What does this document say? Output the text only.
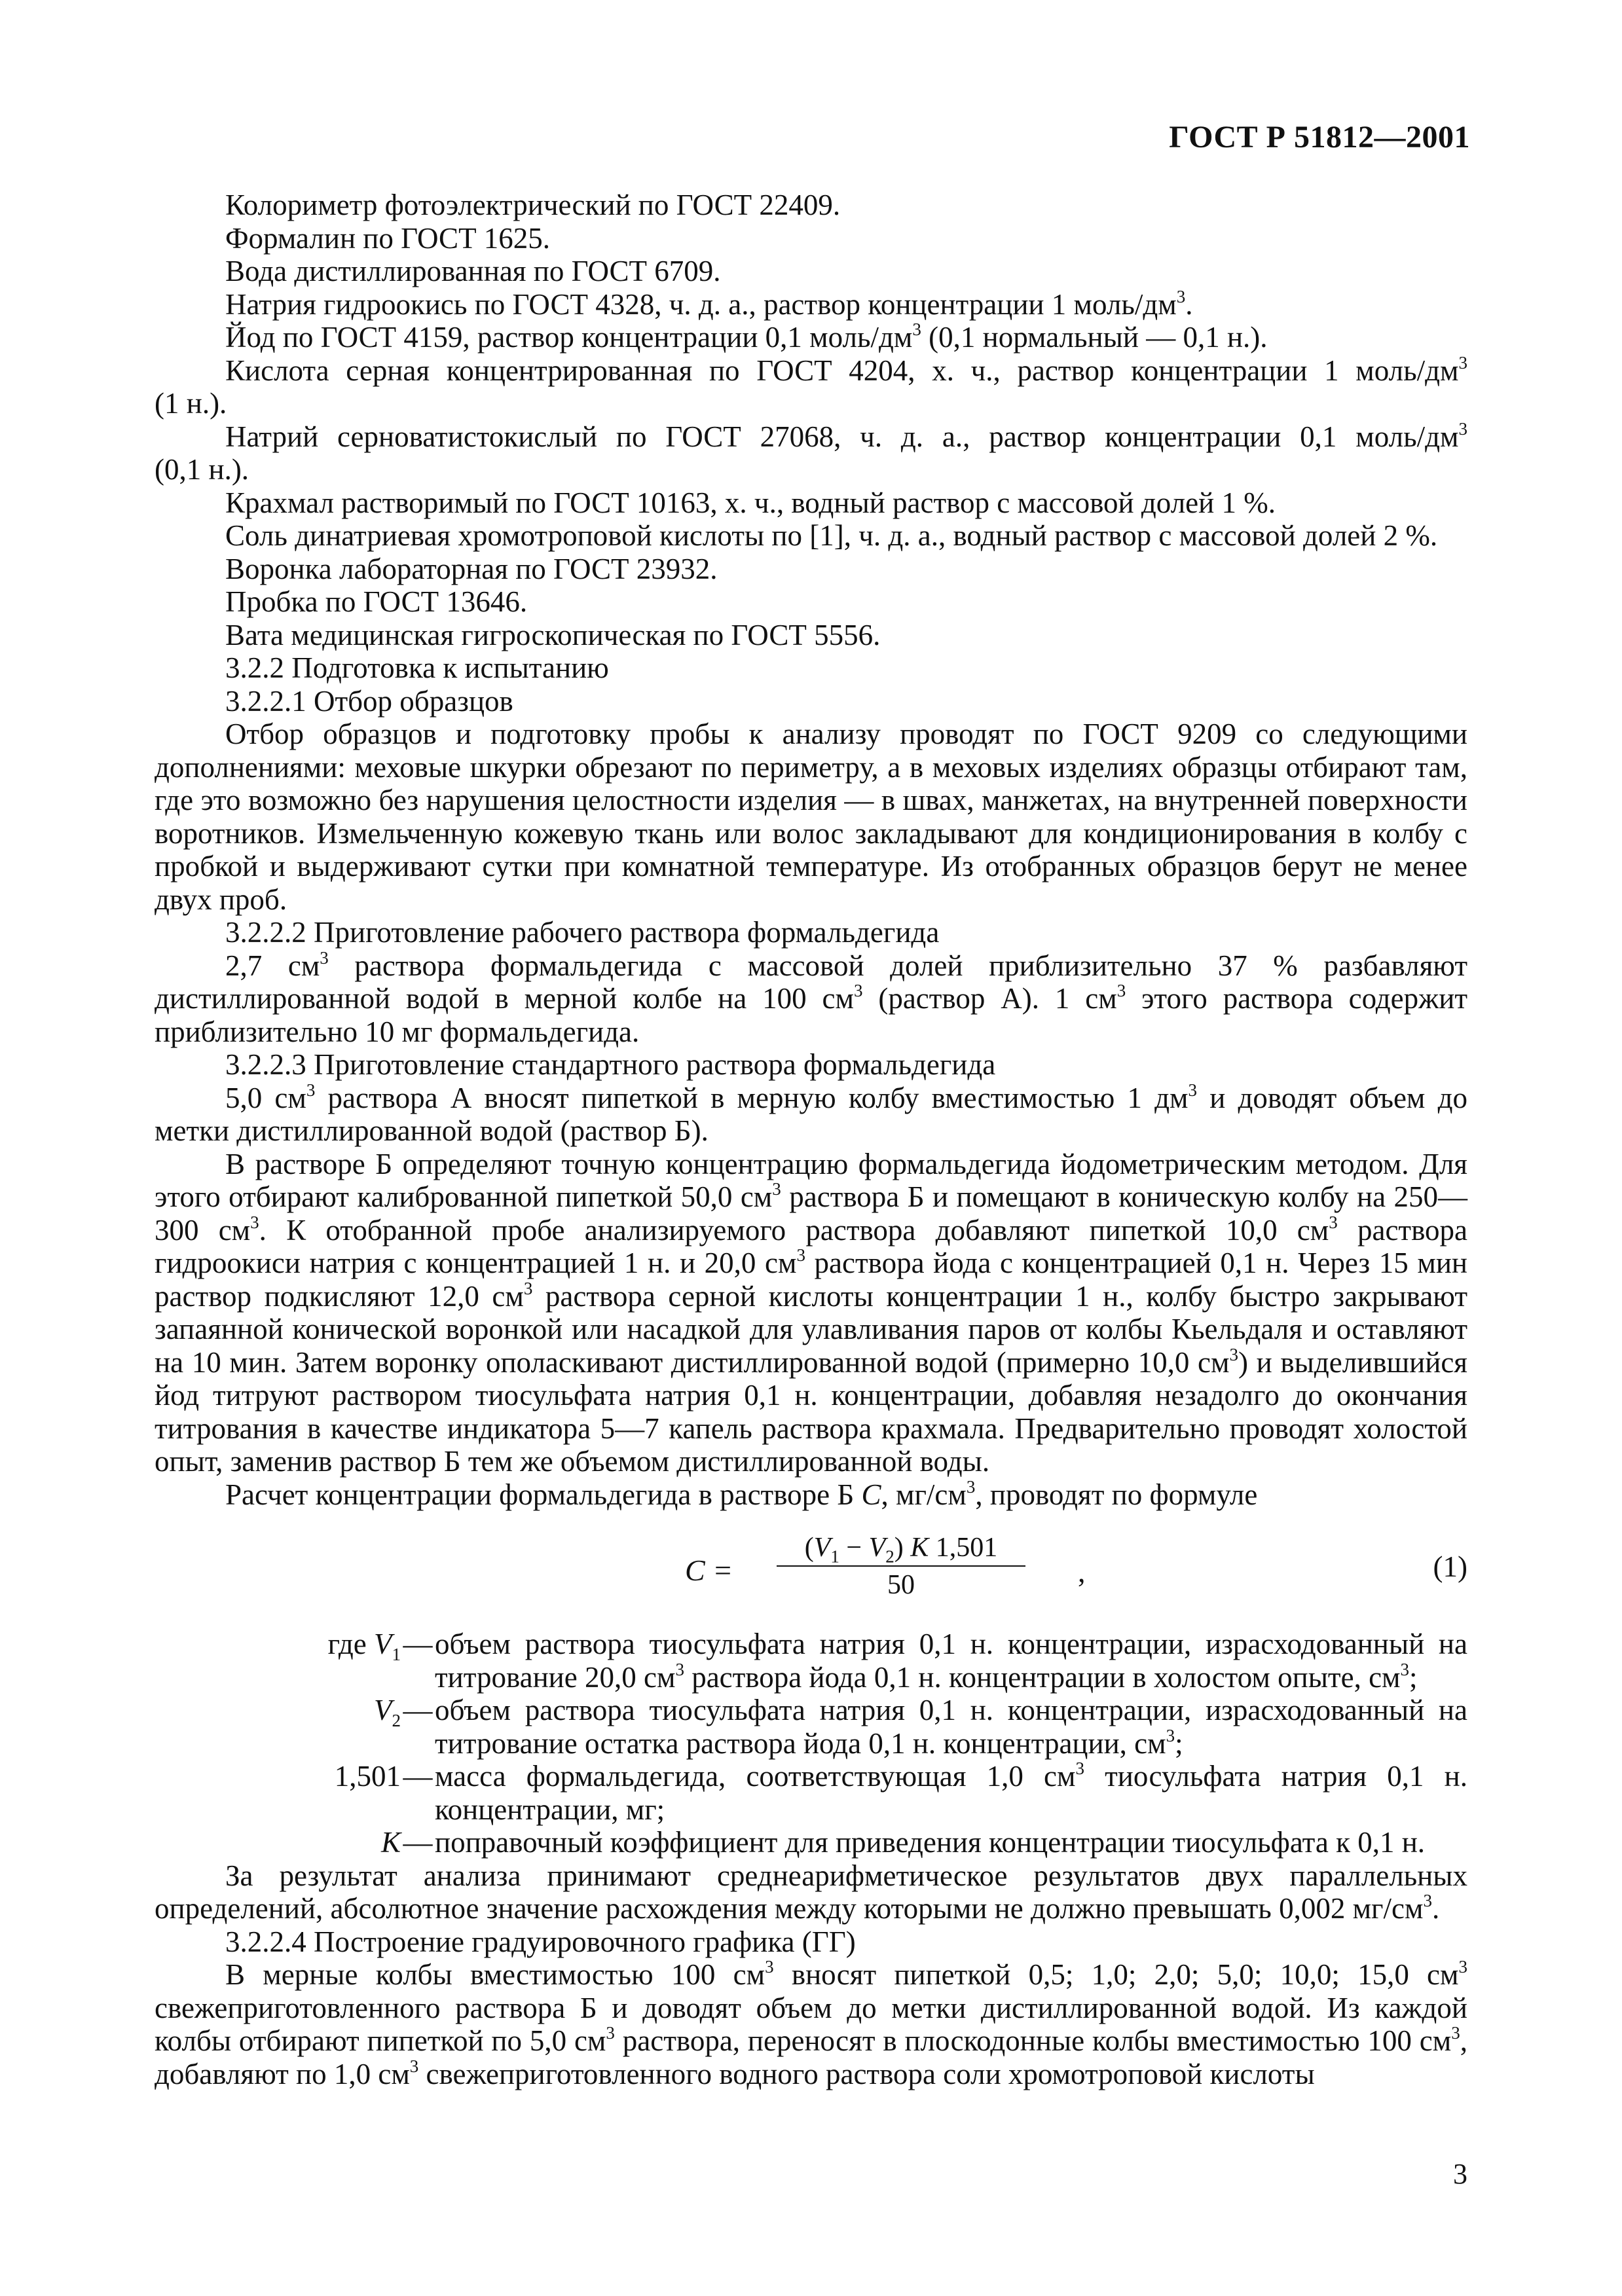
ГОСТ Р 51812—2001
Колориметр фотоэлектрический по ГОСТ 22409.
Формалин по ГОСТ 1625.
Вода дистиллированная по ГОСТ 6709.
Натрия гидроокись по ГОСТ 4328, ч. д. а., раствор концентрации 1 моль/$дм^3$.
Йод по ГОСТ 4159, раствор концентрации 0,1 моль/$дм^3$ (0,1 нормальный — 0,1 н.).
Кислота серная концентрированная по ГОСТ 4204, х. ч., раствор концентрации 1 моль/$дм^3$
(1 н.).
Натрий серноватистокислый по ГОСТ 27068, ч. д. а., раствор концентрации 0,1 моль/$дм^3$
(0,1 н.).
Крахмал растворимый по ГОСТ 10163, х. ч., водный раствор с массовой долей 1 %.
Соль динатриевая хромотроповой кислоты по [1], ч. д. а., водный раствор с массовой долей 2 %.
Воронка лабораторная по ГОСТ 23932.
Пробка по ГОСТ 13646.
Вата медицинская гигроскопическая по ГОСТ 5556.
3.2.2 Подготовка к испытанию
3.2.2.1 Отбор образцов

Отбор образцов и подготовку пробы к анализу проводят по ГОСТ 9209 со следующими дополнениями: меховые шкурки обрезают по периметру, а в меховых изделиях образцы отбирают там, где это возможно без нарушения целостности изделия — в швах, манжетах, на внутренней поверхности воротников. Измельченную кожевую ткань или волос закладывают для кондиционирования в колбу с пробкой и выдерживают сутки при комнатной температуре. Из отобранных образцов берут не менее двух проб.

3.2.2.2 Приготовление рабочего раствора формальдегида

2,7 $см^3$ раствора формальдегида с массовой долей приблизительно 37 % разбавляют дистиллированной водой в мерной колбе на 100 $см^3$ (раствор А). 1 $см^3$ этого раствора содержит приблизительно 10 мг формальдегида.

3.2.2.3 Приготовление стандартного раствора формальдегида

5,0 $см^3$ раствора А вносят пипеткой в мерную колбу вместимостью 1 $дм^3$ и доводят объем до метки дистиллированной водой (раствор Б).

В растворе Б определяют точную концентрацию формальдегида йодометрическим методом. Для этого отбирают калиброванной пипеткой 50,0 $см^3$ раствора Б и помещают в коническую колбу на 250—300 $см^3$. К отобранной пробе анализируемого раствора добавляют пипеткой 10,0 $см^3$ раствора гидроокиси натрия с концентрацией 1 н. и 20,0 $см^3$ раствора йода с концентрацией 0,1 н. Через 15 мин раствор подкисляют 12,0 $см^3$ раствора серной кислоты концентрации 1 н., колбу быстро закрывают запаянной конической воронкой или насадкой для улавливания паров от колбы Кьельдаля и оставляют на 10 мин. Затем воронку ополаскивают дистиллированной водой (примерно 10,0 $см^3$) и выделившийся йод титруют раствором тиосульфата натрия 0,1 н. концентрации, добавляя незадолго до окончания титрования в качестве индикатора 5—7 капель раствора крахмала. Предварительно проводят холостой опыт, заменив раствор Б тем же объемом дистиллированной воды.

Расчет концентрации формальдегида в растворе Б C, $мг/см^3$, проводят по формуле

C =
$(V_1 - V_2)$ K 1,501
50	,	(1)
где $V_1$ — объем раствора тиосульфата натрия 0,1 н. концентрации, израсходованный на титрование 20,0 $см^3$ раствора йода 0,1 н. концентрации в холостом опыте, $см^3$;
$V_2$ — объем раствора тиосульфата натрия 0,1 н. концентрации, израсходованный на титрование остатка раствора йода 0,1 н. концентрации, $см^3$;
1,501 — масса формальдегида, соответствующая 1,0 $см^3$ тиосульфата натрия 0,1 н. концентрации, мг;
K — поправочный коэффициент для приведения концентрации тиосульфата к 0,1 н.

За результат анализа принимают среднеарифметическое результатов двух параллельных определений, абсолютное значение расхождения между которыми не должно превышать 0,002 $мг/см^3$.

3.2.2.4 Построение градуировочного графика (ГГ)

В мерные колбы вместимостью 100 $см^3$ вносят пипеткой 0,5; 1,0; 2,0; 5,0; 10,0; 15,0 $см^3$ свежеприготовленного раствора Б и доводят объем до метки дистиллированной водой. Из каждой колбы отбирают пипеткой по 5,0 $см^3$ раствора, переносят в плоскодонные колбы вместимостью 100 $см^3$, добавляют по 1,0 $см^3$ свежеприготовленного водного раствора соли хромотроповой кислоты

3
